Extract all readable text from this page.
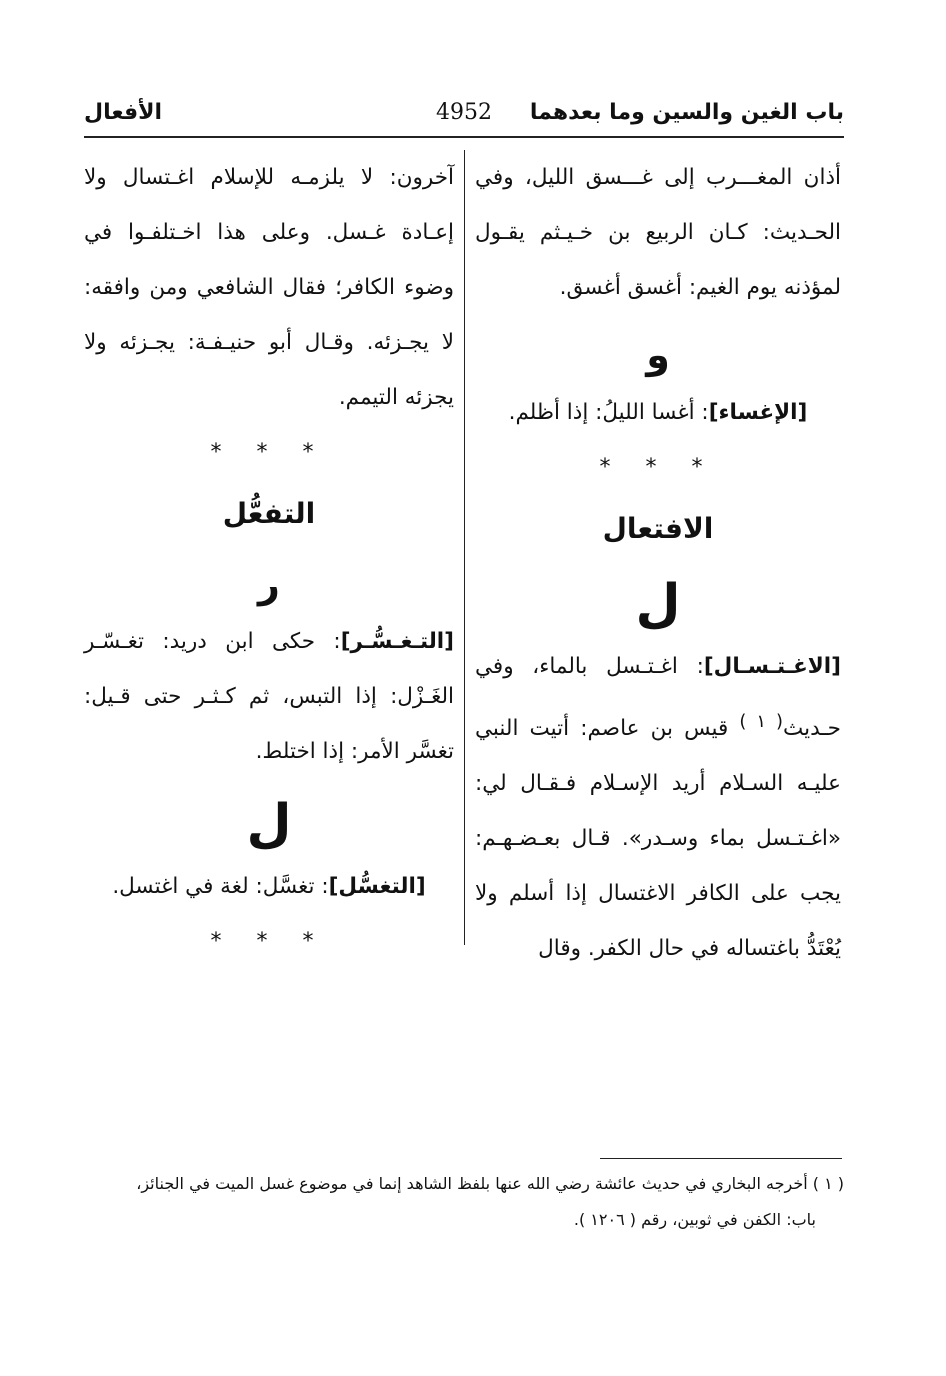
باب الغين والسين وما بعدهما
4952
الأفعال

أذان المغـــرب إلى غـــسق الليل، وفي الحـديث: كـان الربيع بن خـيـثم يقـول لمؤذنه يوم الغيم: أغسق أغسق.

و

[الإغساء]: أغسا الليلُ: إذا أظلم.

* * *
الافتعال
ل

[الاغـتـسـال]: اغـتـسل بالماء، وفي حـديث$^{( ١ )}$ قيس بن عاصم: أتيت النبي عليـه السـلام أريد الإسـلام فـقـال لي: «اغـتـسل بماء وسـدر». قـال بعـضـهـم: يجب على الكافر الاغتسال إذا أسلم ولا يُعْتَدُّ باغتساله في حال الكفر. وقال

آخرون: لا يلزمـه للإسلام اغـتسال ولا إعـادة غـسل. وعلى هذا اخـتلفـوا في وضوء الكافر؛ فقال الشافعي ومن وافقه: لا يجـزئه. وقـال أبو حنيـفـة: يجـزئه ولا يجزئه التيمم.

* * *
التفعُّل
ر

[التـغـسُّـر]: حكى ابن دريد: تغـسّـر الغَـزْل: إذا التبس، ثم كـثـر حتى قـيل: تغسَّر الأمر: إذا اختلط.

ل

[التغسُّل]: تغسَّل: لغة في اغتسل.

* * *

( ١ ) أخرجه البخاري في حديث عائشة رضي الله عنها بلفظ الشاهد إنما في موضوع غسل الميت في الجنائز،

باب: الكفن في ثوبين، رقم ( ١٢٠٦ ).
